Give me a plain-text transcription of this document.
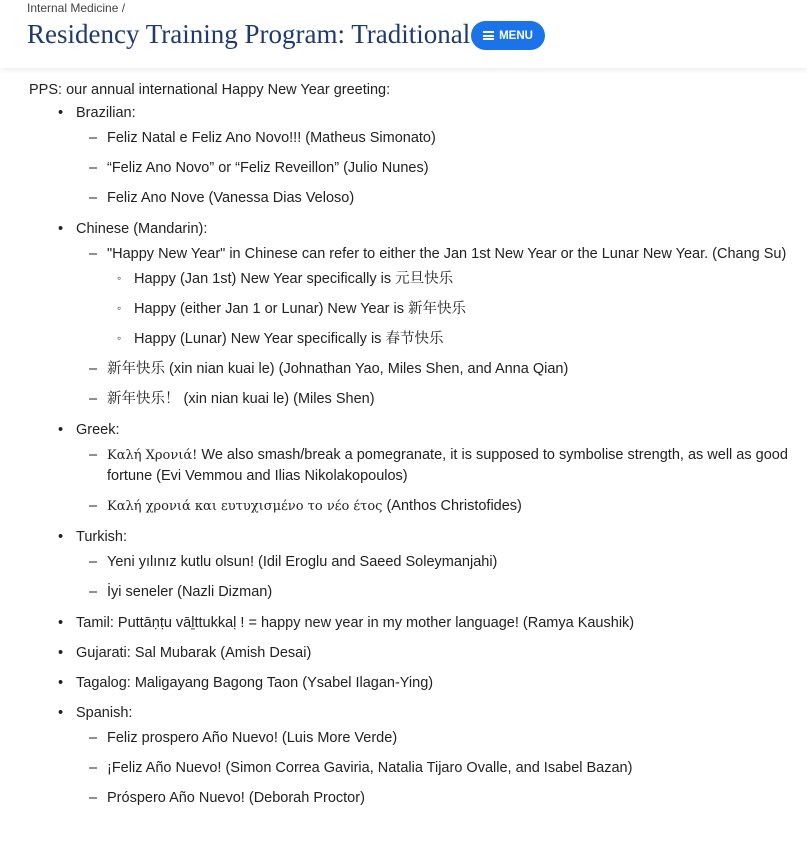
Internal Medicine /
Residency Training Program: Traditional	MENU
PPS: our annual international Happy New Year greeting:
• Brazilian:
– Feliz Natal e Feliz Ano Novo!!! (Matheus Simonato)
– “Feliz Ano Novo” or “Feliz Reveillon” (Julio Nunes)
– Feliz Ano Nove (Vanessa Dias Veloso)
• Chinese (Mandarin):
– "Happy New Year" in Chinese can refer to either the Jan 1st New Year or the Lunar New Year. (Chang Su)
◦ Happy (Jan 1st) New Year specifically is 元旦快乐
◦ Happy (either Jan 1 or Lunar) New Year is 新年快乐
◦ Happy (Lunar) New Year specifically is 春节快乐
– 新年快乐 (xin nian kuai le) (Johnathan Yao, Miles Shen, and Anna Qian)
– 新年快乐！ (xin nian kuai le) (Miles Shen)
• Greek:
– Καλή Χρονιά! We also smash/break a pomegranate, it is supposed to symbolise strength, as well as good fortune (Evi Vemmou and Ilias Nikolakopoulos)
– Καλή χρονιά και ευτυχισμένο το νέο έτος (Anthos Christofides)
• Turkish:
– Yeni yılınız kutlu olsun! (Idil Eroglu and Saeed Soleymanjahi)
– İyi seneler (Nazli Dizman)
• Tamil: Puttāṇṭu vāḻttukkaḷ ! = happy new year in my mother language! (Ramya Kaushik)
• Gujarati: Sal Mubarak (Amish Desai)
• Tagalog: Maligayang Bagong Taon (Ysabel Ilagan-Ying)
• Spanish:
– Feliz prospero Año Nuevo! (Luis More Verde)
– ¡Feliz Año Nuevo! (Simon Correa Gaviria, Natalia Tijaro Ovalle, and Isabel Bazan)
– Próspero Año Nuevo! (Deborah Proctor)
